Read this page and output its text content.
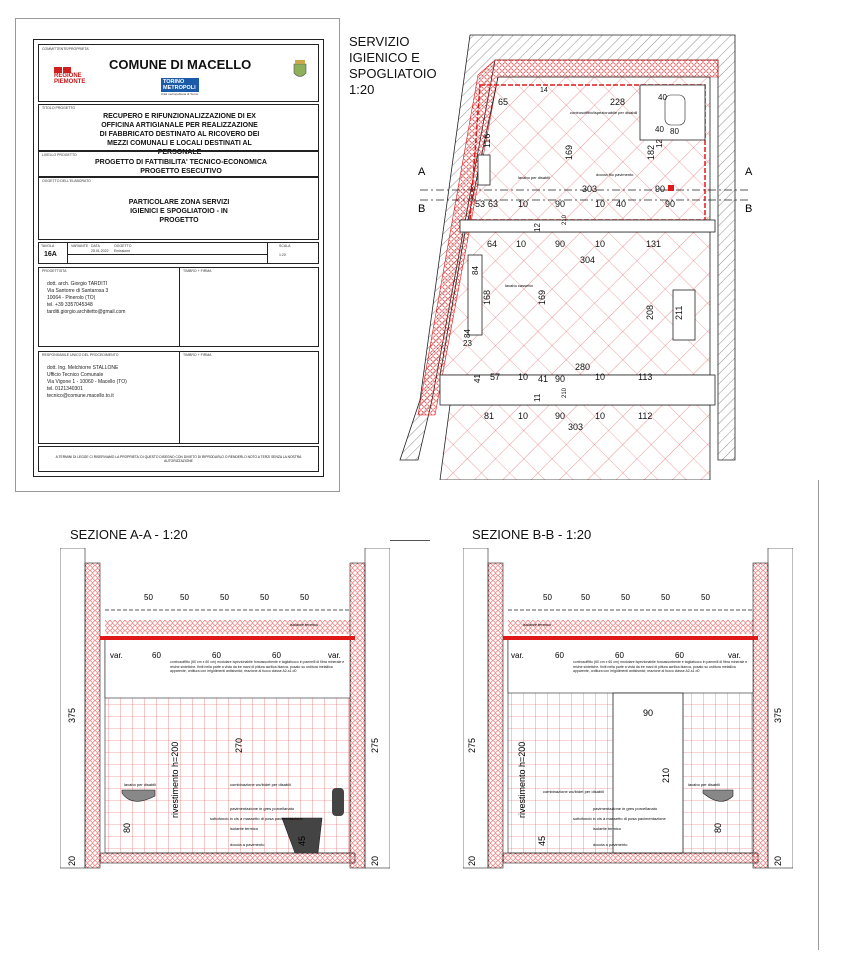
COMMITTENTE/PROPRIETA'
COMUNE DI MACELLO
REGIONE PIEMONTE	TORINO METROPOLI
Città metropolitana di Torino
TITOLO PROGETTO
RECUPERO E RIFUNZIONALIZZAZIONE DI EX OFFICINA ARTIGIANALE PER REALIZZAZIONE DI FABBRICATO DESTINATO AL RICOVERO DEI MEZZI COMUNALI E LOCALI DESTINATI AL PERSONALE
LIVELLO PROGETTO
PROGETTO DI FATTIBILITA' TECNICO-ECONOMICA PROGETTO ESECUTIVO
OGGETTO DELL'ELABORATO
PARTICOLARE ZONA SERVIZI IGIENICI E SPOGLIATOIO - IN PROGETTO
TAVOLA
16A
VARIANTE DATA
25.01.2022
OGGETTO
Emissione
SCALA
1:20
PROGETTISTA	TIMBRO + FIRMA
dott. arch. Giorgio TARDITI
Via Santorre di Santarosa 3
10064 - Pinerolo (TO)
tel. +39 3357045348
tarditi.giorgio.architetto@gmail.com
RESPONSABILE UNICO DEL PROCEDIMENTO	TIMBRO + FIRMA
dott. Ing. Melchiorre STALLONE
Ufficio Tecnico Comunale
Via Vigone 1 - 10060 - Macello (TO)
tel. 0121340301
tecnico@comune.macello.to.it
A TERMINI DI LEGGE CI RISERVIAMO LA PROPRIETA' DI QUESTO DISEGNO CON DIVIETO DI RIPRODURLO O RENDERLO NOTO A TERZI SENZA LA NOSTRA AUTORIZZAZIONE
SERVIZIO IGIENICO E SPOGLIATOIO 1:20
A	A
B	B
controsoffitto/ispezionabile per disabili
lavabo per disabili
doccia filo pavimento
lavabo cassetto
65
14
228	40
116
169	182
12
40 80
303	90
53 63 10	90	10 40	90
12
210
64 10	90	10	131
304
84
168	169
208 211
84
23
57 10
280
10	113
41	41
11
90
210
81	10	90	10	112
303
SEZIONE A-A - 1:20
50	50	50	50	50
var.	60	60	60	var.
isolante termico
controsoffitto (60 cm x 60 cm) modulare ispezionabile fonoassorbente e tagliafuoco in pannelli di fibra minerale e resine sintetiche. finiti nella parte a vista da tre mani di pittura acrilica bianca, posato su orditura metallica apparente, orditura con irrigidimenti antisismici; reazione al fuoco classe A2-s1 d0
lavabo per disabili	combinazione wc/bidet per disabili
pavimentazione in gres porcellanato
sottofondo in cls a massetto di posa pavimentazione
isolante termico
doccia a pavimento
rivestimento h=200
375
80
20
275
20
270
45
SEZIONE B-B - 1:20
50	50	50	50	50
var.	60	60	60	var.
isolante termico
controsoffitto (60 cm x 60 cm) modulare ispezionabile fonoassorbente e tagliafuoco in pannelli di fibra minerale e resine sintetiche. finiti nella parte a vista da tre mani di pittura acrilica bianca, posato su orditura metallica apparente, orditura con irrigidimenti antisismici; reazione al fuoco classe A2-s1 d0
90
210
lavabo per disabili
combinazione wc/bidet per disabili
pavimentazione in gres porcellanato
sottofondo in cls a massetto di posa pavimentazione
isolante termico
doccia a pavimento
rivestimento h=200
275
45
20
375
80
20
